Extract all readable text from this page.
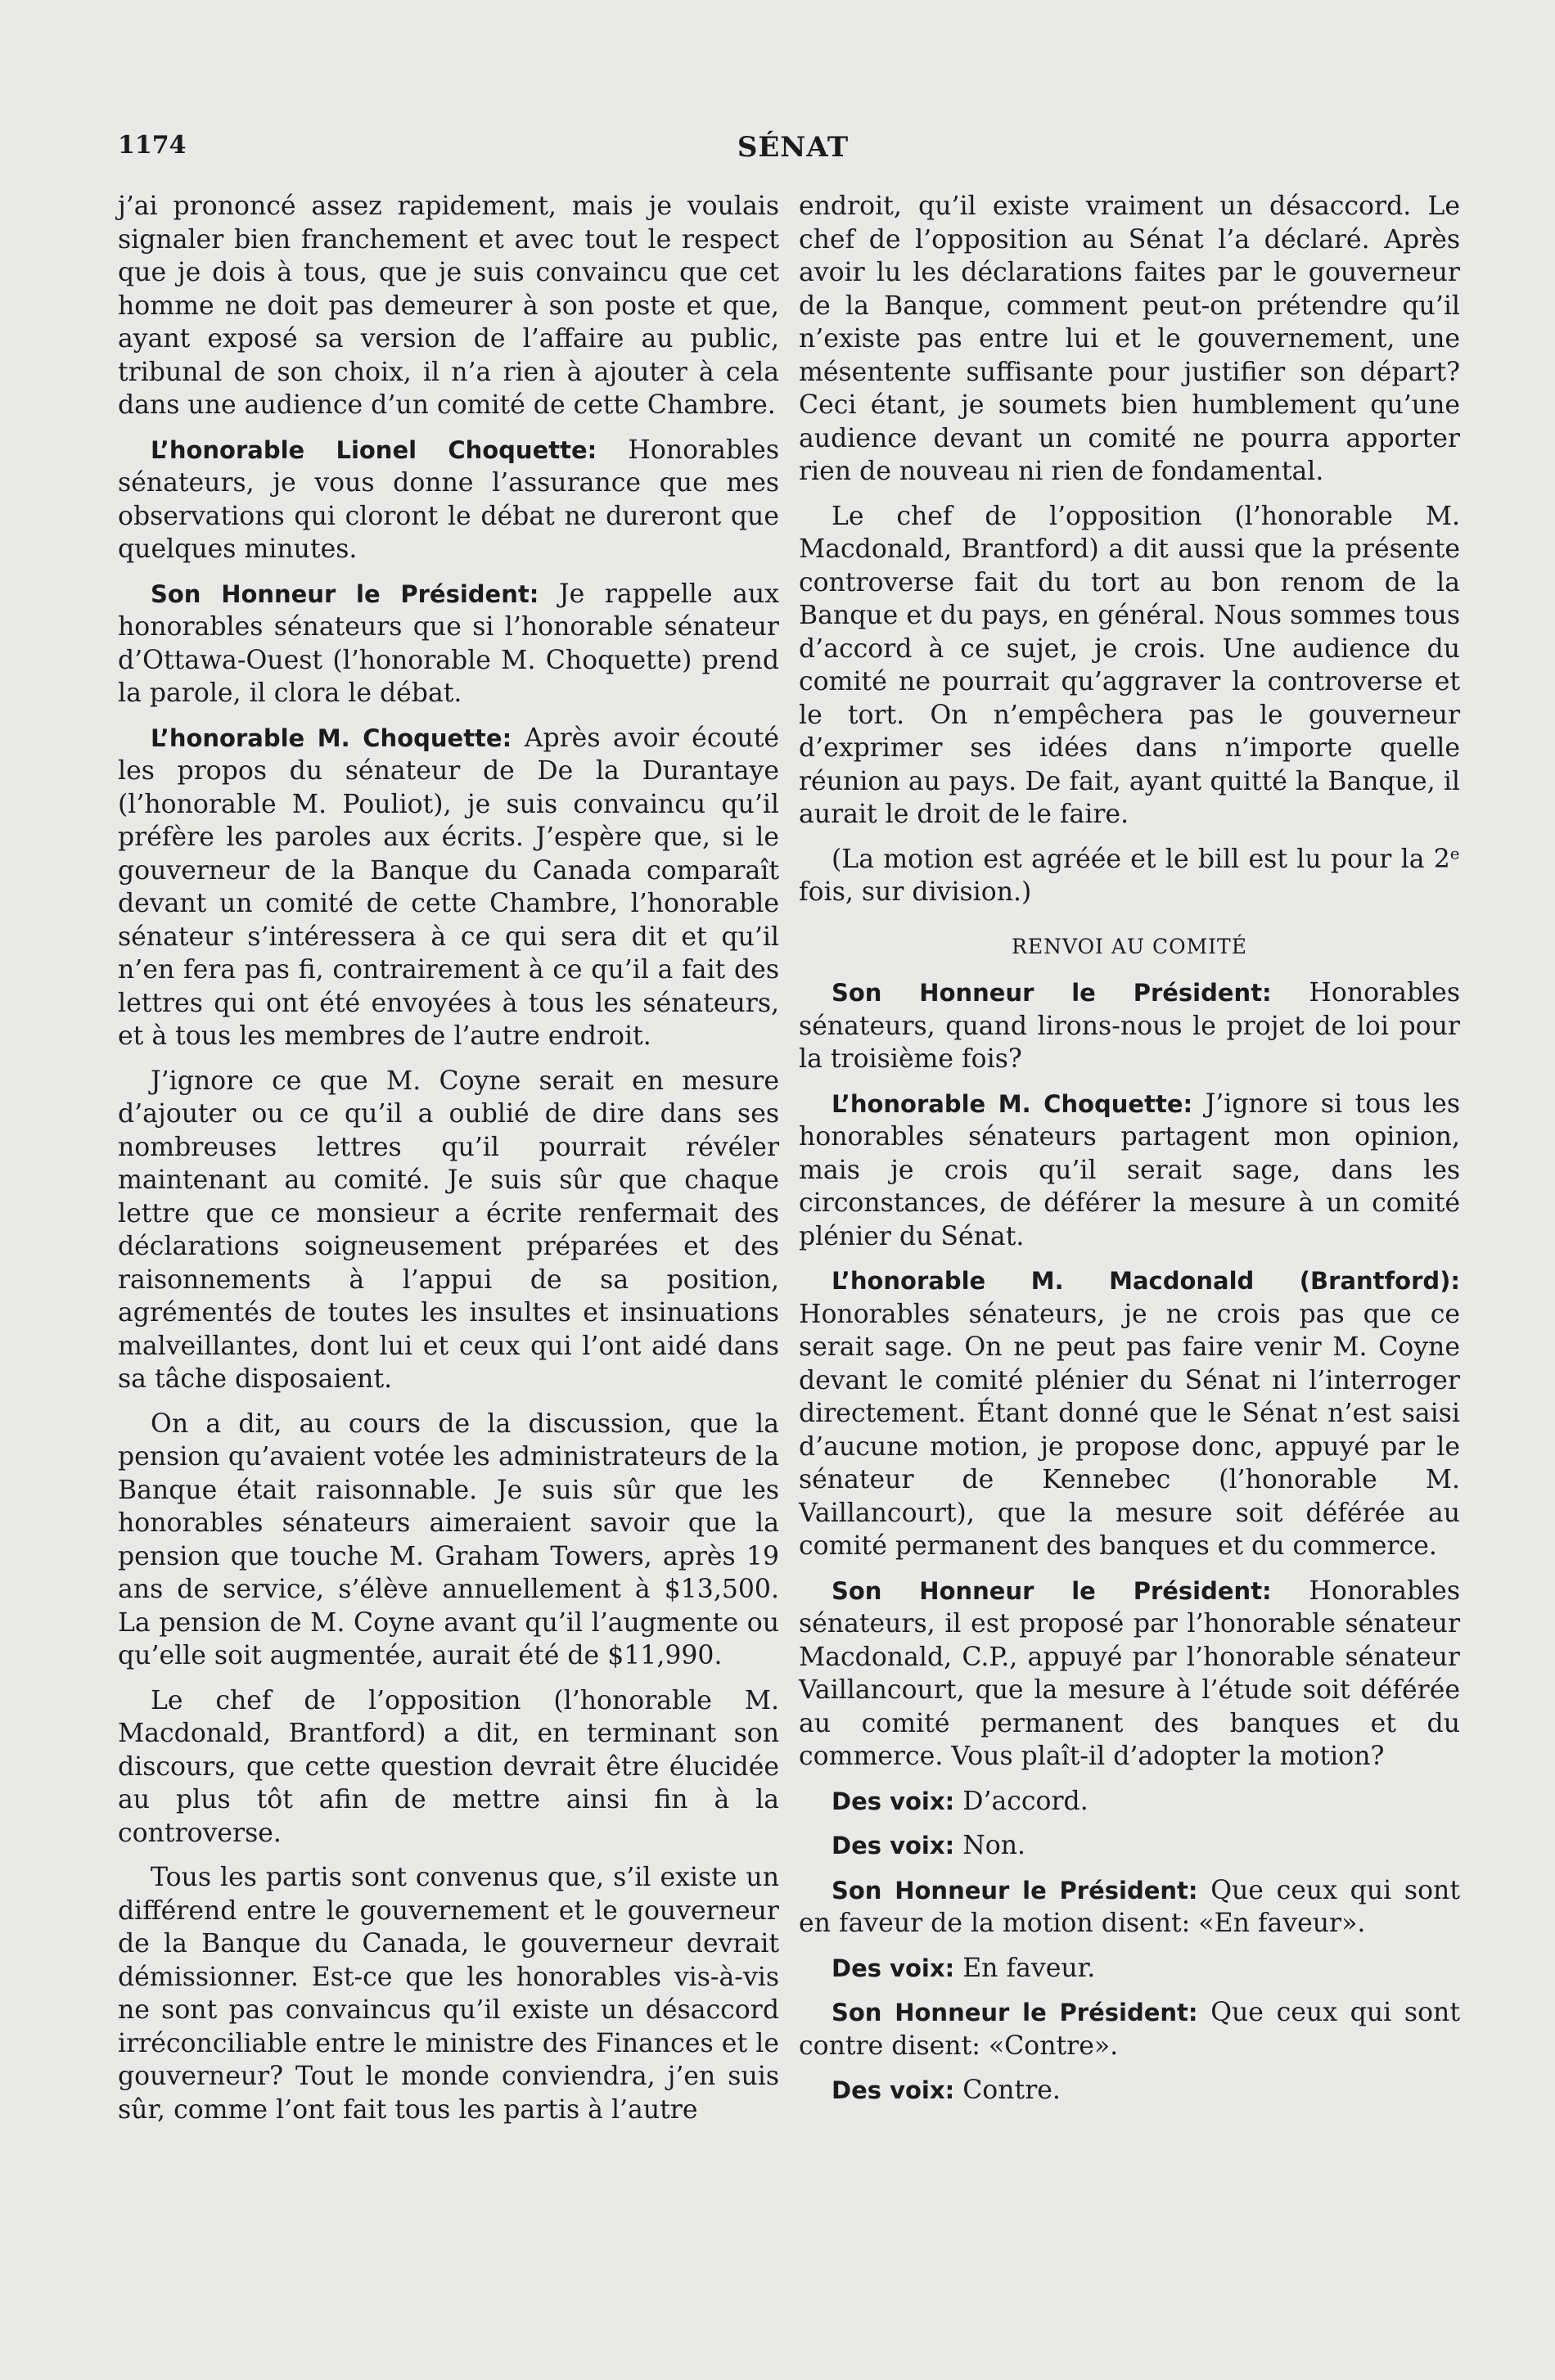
1174	SÉNAT

j’ai prononcé assez rapidement, mais je voulais signaler bien franchement et avec tout le respect que je dois à tous, que je suis convaincu que cet homme ne doit pas demeurer à son poste et que, ayant exposé sa version de l’affaire au public, tribunal de son choix, il n’a rien à ajouter à cela dans une audience d’un comité de cette Chambre.

L’honorable Lionel Choquette: Honorables sénateurs, je vous donne l’assurance que mes observations qui cloront le débat ne dureront que quelques minutes.

Son Honneur le Président: Je rappelle aux honorables sénateurs que si l’honorable sénateur d’Ottawa-Ouest (l’honorable M. Choquette) prend la parole, il clora le débat.

L’honorable M. Choquette: Après avoir écouté les propos du sénateur de De la Durantaye (l’honorable M. Pouliot), je suis convaincu qu’il préfère les paroles aux écrits. J’espère que, si le gouverneur de la Banque du Canada comparaît devant un comité de cette Chambre, l’honorable sénateur s’intéressera à ce qui sera dit et qu’il n’en fera pas fi, contrairement à ce qu’il a fait des lettres qui ont été envoyées à tous les sénateurs, et à tous les membres de l’autre endroit.

J’ignore ce que M. Coyne serait en mesure d’ajouter ou ce qu’il a oublié de dire dans ses nombreuses lettres qu’il pourrait révéler maintenant au comité. Je suis sûr que chaque lettre que ce monsieur a écrite renfermait des déclarations soigneusement préparées et des raisonnements à l’appui de sa position, agrémentés de toutes les insultes et insinuations malveillantes, dont lui et ceux qui l’ont aidé dans sa tâche disposaient.

On a dit, au cours de la discussion, que la pension qu’avaient votée les administrateurs de la Banque était raisonnable. Je suis sûr que les honorables sénateurs aimeraient savoir que la pension que touche M. Graham Towers, après 19 ans de service, s’élève annuellement à $13,500. La pension de M. Coyne avant qu’il l’augmente ou qu’elle soit augmentée, aurait été de $11,990.

Le chef de l’opposition (l’honorable M. Macdonald, Brantford) a dit, en terminant son discours, que cette question devrait être élucidée au plus tôt afin de mettre ainsi fin à la controverse.

Tous les partis sont convenus que, s’il existe un différend entre le gouvernement et le gouverneur de la Banque du Canada, le gouverneur devrait démissionner. Est-ce que les honorables vis-à-vis ne sont pas convaincus qu’il existe un désaccord irréconciliable entre le ministre des Finances et le gouverneur? Tout le monde conviendra, j’en suis sûr, comme l’ont fait tous les partis à l’autre

endroit, qu’il existe vraiment un désaccord. Le chef de l’opposition au Sénat l’a déclaré. Après avoir lu les déclarations faites par le gouverneur de la Banque, comment peut-on prétendre qu’il n’existe pas entre lui et le gouvernement, une mésentente suffisante pour justifier son départ? Ceci étant, je soumets bien humblement qu’une audience devant un comité ne pourra apporter rien de nouveau ni rien de fondamental.

Le chef de l’opposition (l’honorable M. Macdonald, Brantford) a dit aussi que la présente controverse fait du tort au bon renom de la Banque et du pays, en général. Nous sommes tous d’accord à ce sujet, je crois. Une audience du comité ne pourrait qu’aggraver la controverse et le tort. On n’empêchera pas le gouverneur d’exprimer ses idées dans n’importe quelle réunion au pays. De fait, ayant quitté la Banque, il aurait le droit de le faire.

(La motion est agréée et le bill est lu pour la 2ᵉ fois, sur division.)

RENVOI AU COMITÉ

Son Honneur le Président: Honorables sénateurs, quand lirons-nous le projet de loi pour la troisième fois?

L’honorable M. Choquette: J’ignore si tous les honorables sénateurs partagent mon opinion, mais je crois qu’il serait sage, dans les circonstances, de déférer la mesure à un comité plénier du Sénat.

L’honorable M. Macdonald (Brantford): Honorables sénateurs, je ne crois pas que ce serait sage. On ne peut pas faire venir M. Coyne devant le comité plénier du Sénat ni l’interroger directement. Étant donné que le Sénat n’est saisi d’aucune motion, je propose donc, appuyé par le sénateur de Kennebec (l’honorable M. Vaillancourt), que la mesure soit déférée au comité permanent des banques et du commerce.

Son Honneur le Président: Honorables sénateurs, il est proposé par l’honorable sénateur Macdonald, C.P., appuyé par l’honorable sénateur Vaillancourt, que la mesure à l’étude soit déférée au comité permanent des banques et du commerce. Vous plaît-il d’adopter la motion?

Des voix: D’accord.

Des voix: Non.

Son Honneur le Président: Que ceux qui sont en faveur de la motion disent: «En faveur».

Des voix: En faveur.

Son Honneur le Président: Que ceux qui sont contre disent: «Contre».

Des voix: Contre.
